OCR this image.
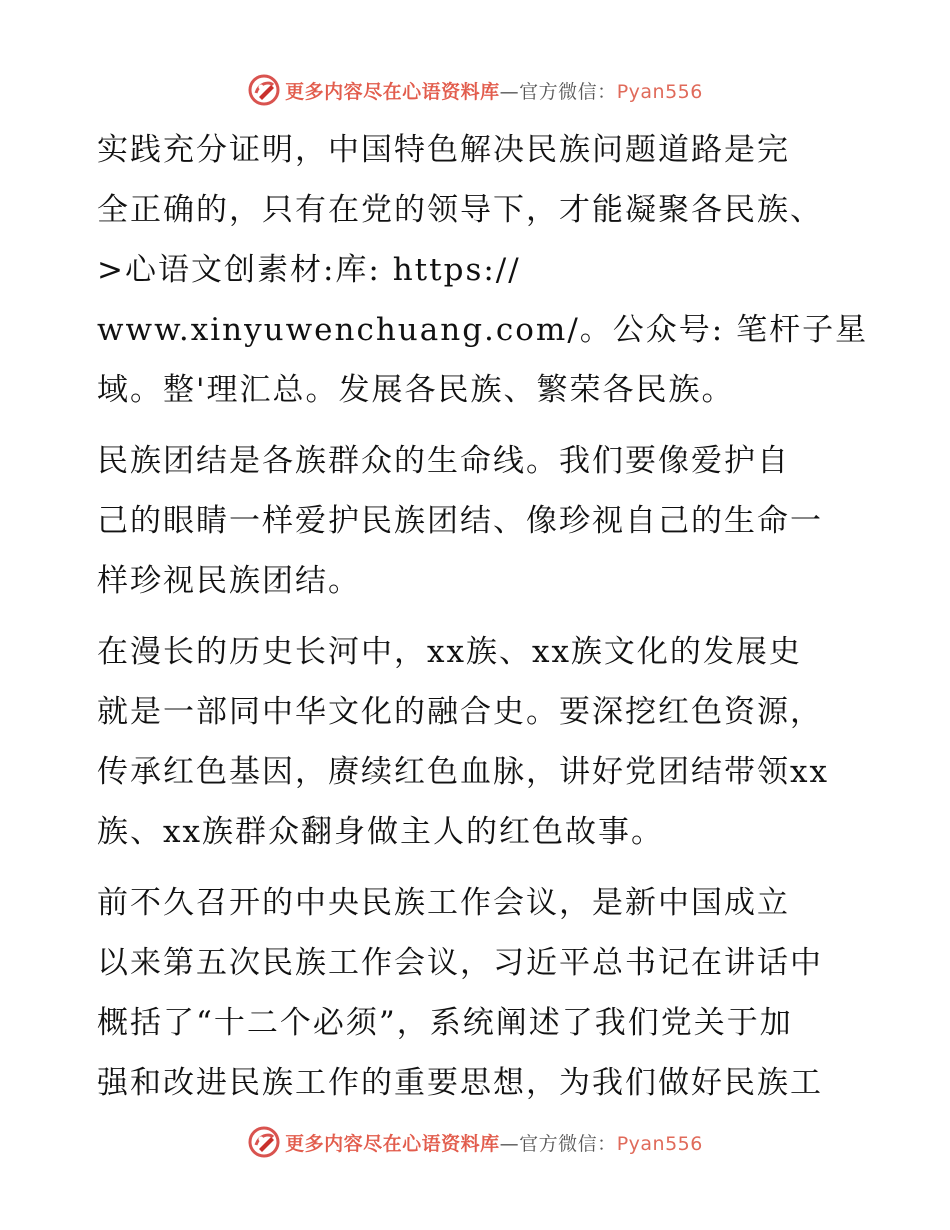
更多内容尽在心语资料库—官方微信：Pyan556
实践充分证明，中国特色解决民族问题道路是完
全正确的，只有在党的领导下，才能凝聚各民族、
>心语文创素材:库: https://
www.xinyuwenchuang.com/。公众号: 笔杆子星
域。整'理汇总。发展各民族、繁荣各民族。
民族团结是各族群众的生命线。我们要像爱护自
己的眼睛一样爱护民族团结、像珍视自己的生命一
样珍视民族团结。
在漫长的历史长河中，xx族、xx族文化的发展史
就是一部同中华文化的融合史。要深挖红色资源，
传承红色基因，赓续红色血脉，讲好党团结带领xx
族、xx族群众翻身做主人的红色故事。
前不久召开的中央民族工作会议，是新中国成立
以来第五次民族工作会议，习近平总书记在讲话中
概括了“十二个必须”，系统阐述了我们党关于加
强和改进民族工作的重要思想，为我们做好民族工
更多内容尽在心语资料库—官方微信：Pyan556
